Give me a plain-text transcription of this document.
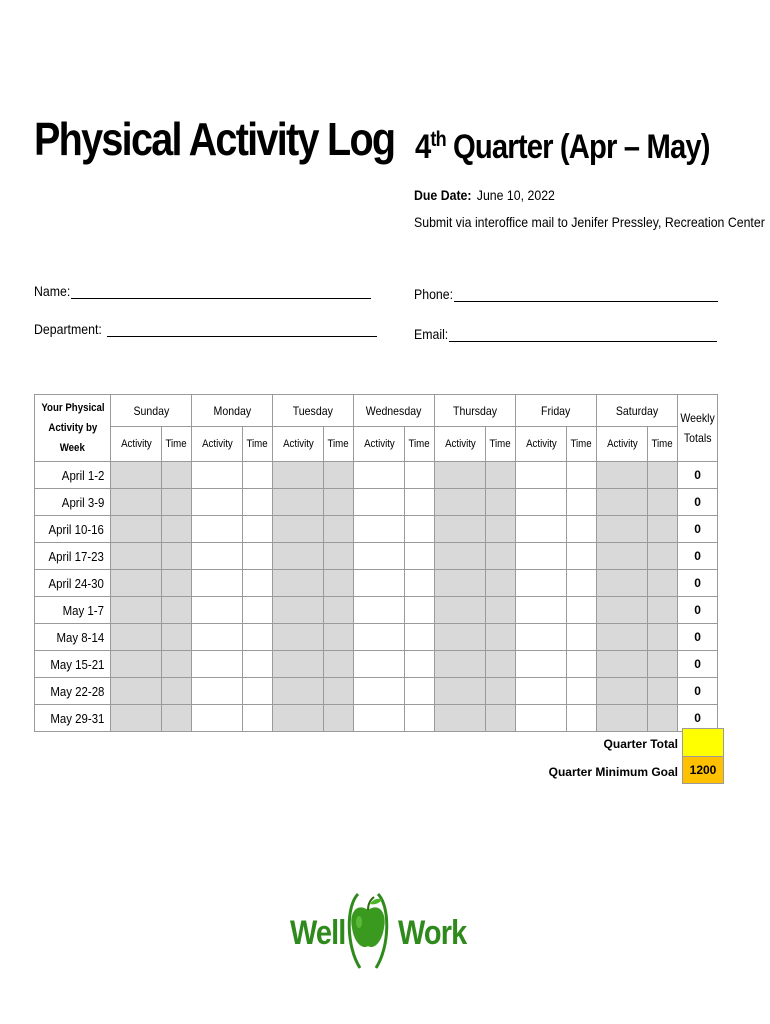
Physical Activity Log 4th Quarter (Apr – May)
Due Date: June 10, 2022
Submit via interoffice mail to Jenifer Pressley, Recreation Center
Name:
Department:
Phone:
Email:
Your Physical
Activity by
Week	Sunday		Monday		Tuesday		Wednesday		Thursday		Friday		Saturday		Weekly
Totals
	Activity	Time	Activity	Time	Activity	Time	Activity	Time	Activity	Time	Activity	Time	Activity	Time	
April 1-2															0
April 3-9															0
April 10-16															0
April 17-23															0
April 24-30															0
May 1-7															0
May 8-14															0
May 15-21															0
May 22-28															0
May 29-31															0
Quarter Total
Quarter Minimum Goal 1200
Well Work
